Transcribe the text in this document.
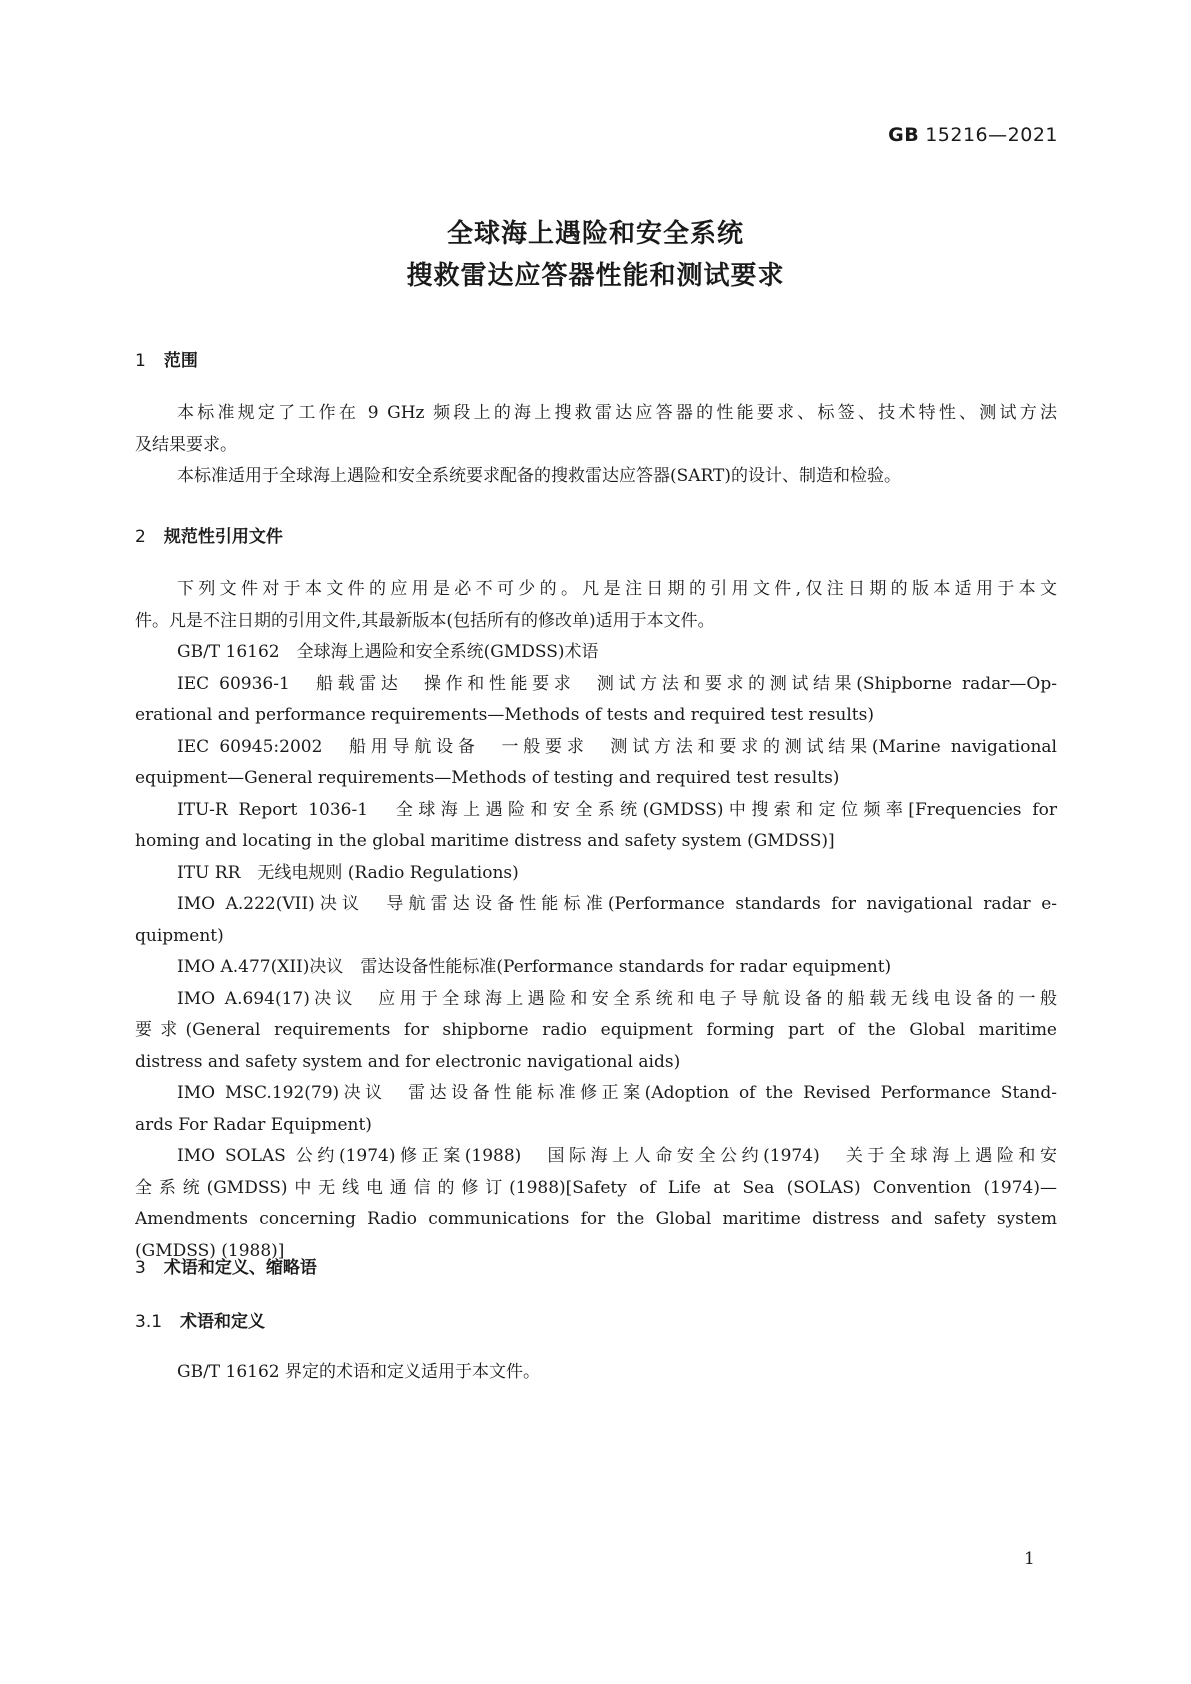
GB 15216—2021
全球海上遇险和安全系统
搜救雷达应答器性能和测试要求
1 范围
本标准规定了工作在 9 GHz 频段上的海上搜救雷达应答器的性能要求、标签、技术特性、测试方法
及结果要求。
本标准适用于全球海上遇险和安全系统要求配备的搜救雷达应答器(SART)的设计、制造和检验。
2 规范性引用文件
下列文件对于本文件的应用是必不可少的。凡是注日期的引用文件,仅注日期的版本适用于本文
件。凡是不注日期的引用文件,其最新版本(包括所有的修改单)适用于本文件。
GB/T 16162　全球海上遇险和安全系统(GMDSS)术语
IEC 60936-1　船载雷达　操作和性能要求　测试方法和要求的测试结果(Shipborne radar—Op-
erational and performance requirements—Methods of tests and required test results)
IEC 60945:2002　船用导航设备　一般要求　测试方法和要求的测试结果(Marine navigational
equipment—General requirements—Methods of testing and required test results)
ITU-R Report 1036-1　全球海上遇险和安全系统(GMDSS)中搜索和定位频率[Frequencies for
homing and locating in the global maritime distress and safety system (GMDSS)]
ITU RR　无线电规则 (Radio Regulations)
IMO A.222(VII)决议　导航雷达设备性能标准(Performance standards for navigational radar e-
quipment)
IMO A.477(XII)决议　雷达设备性能标准(Performance standards for radar equipment)
IMO A.694(17)决议　应用于全球海上遇险和安全系统和电子导航设备的船载无线电设备的一般
要求(General requirements for shipborne radio equipment forming part of the Global maritime
distress and safety system and for electronic navigational aids)
IMO MSC.192(79)决议　雷达设备性能标准修正案(Adoption of the Revised Performance Stand-
ards For Radar Equipment)
IMO SOLAS 公约(1974)修正案(1988)　国际海上人命安全公约(1974)　关于全球海上遇险和安
全系统(GMDSS)中无线电通信的修订(1988)[Safety of Life at Sea (SOLAS) Convention (1974)—
Amendments concerning Radio communications for the Global maritime distress and safety system
(GMDSS) (1988)]
3 术语和定义、缩略语
3.1 术语和定义
GB/T 16162 界定的术语和定义适用于本文件。
1
